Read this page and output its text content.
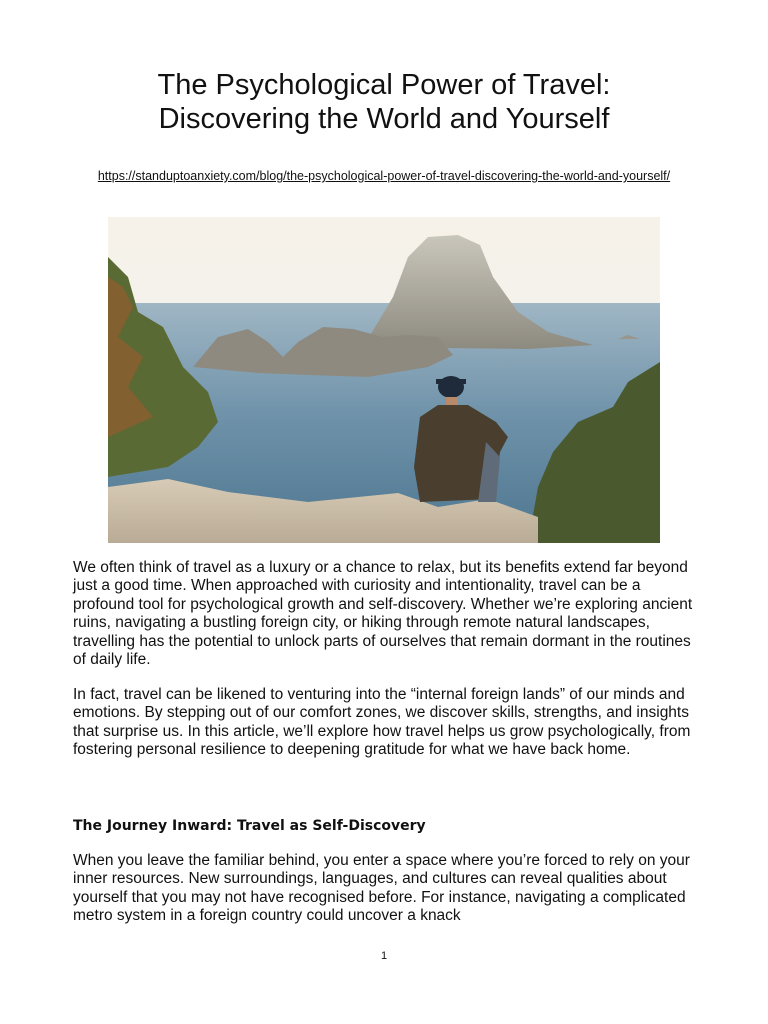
The Psychological Power of Travel:
Discovering the World and Yourself
https://standuptoanxiety.com/blog/the-psychological-power-of-travel-discovering-the-world-and-yourself/

We often think of travel as a luxury or a chance to relax, but its benefits extend far beyond just a good time. When approached with curiosity and intentionality, travel can be a profound tool for psychological growth and self-discovery. Whether we’re exploring ancient ruins, navigating a bustling foreign city, or hiking through remote natural landscapes, travelling has the potential to unlock parts of ourselves that remain dormant in the routines of daily life.

In fact, travel can be likened to venturing into the “internal foreign lands” of our minds and emotions. By stepping out of our comfort zones, we discover skills, strengths, and insights that surprise us. In this article, we’ll explore how travel helps us grow psychologically, from fostering personal resilience to deepening gratitude for what we have back home.

The Journey Inward: Travel as Self-Discovery

When you leave the familiar behind, you enter a space where you’re forced to rely on your inner resources. New surroundings, languages, and cultures can reveal qualities about yourself that you may not have recognised before. For instance, navigating a complicated metro system in a foreign country could uncover a knack

1
